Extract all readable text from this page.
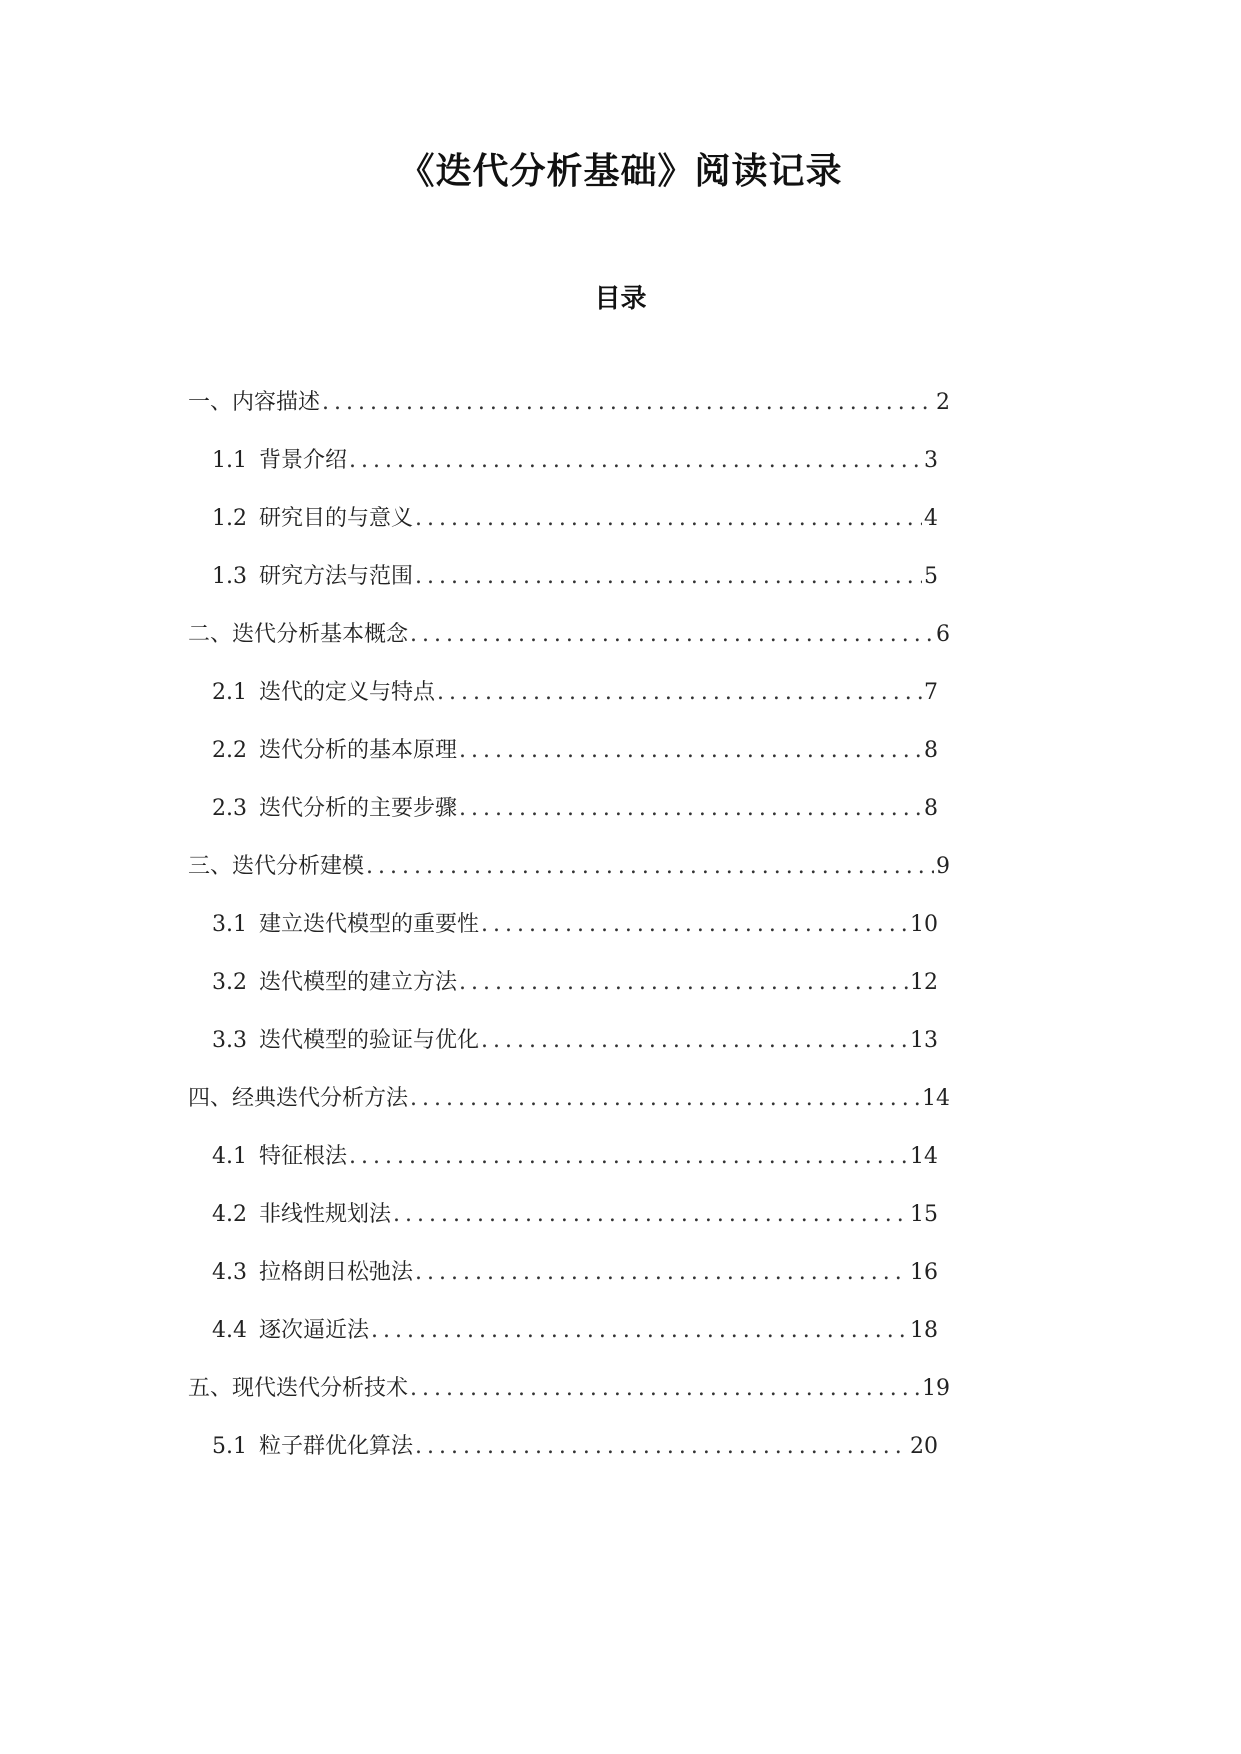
《迭代分析基础》阅读记录
目录
一、内容描述 .....	2
1.1 背景介绍 .....	3
1.2 研究目的与意义 .....	4
1.3 研究方法与范围 .....	5
二、迭代分析基本概念 .....	6
2.1 迭代的定义与特点 .....	7
2.2 迭代分析的基本原理 .....	8
2.3 迭代分析的主要步骤 .....	8
三、迭代分析建模 .....	9
3.1 建立迭代模型的重要性 .....	10
3.2 迭代模型的建立方法 .....	12
3.3 迭代模型的验证与优化 .....	13
四、经典迭代分析方法 .....	14
4.1 特征根法 .....	14
4.2 非线性规划法 .....	15
4.3 拉格朗日松弛法 .....	16
4.4 逐次逼近法 .....	18
五、现代迭代分析技术 .....	19
5.1 粒子群优化算法 .....	20
